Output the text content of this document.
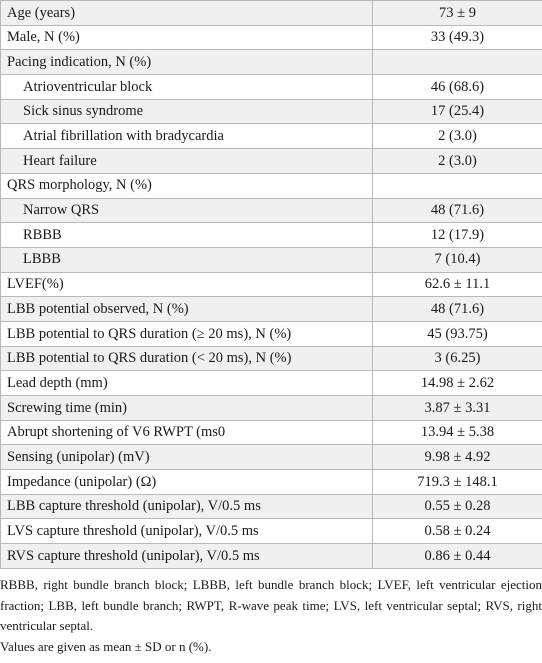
Age (years)	73 ± 9
Male, N (%)	33 (49.3)
Pacing indication, N (%)	
Atrioventricular block	46 (68.6)
Sick sinus syndrome	17 (25.4)
Atrial fibrillation with bradycardia	2 (3.0)
Heart failure	2 (3.0)
QRS morphology, N (%)	
Narrow QRS	48 (71.6)
RBBB	12 (17.9)
LBBB	7 (10.4)
LVEF(%)	62.6 ± 11.1
LBB potential observed, N (%)	48 (71.6)
LBB potential to QRS duration (≥ 20 ms), N (%)	45 (93.75)
LBB potential to QRS duration (< 20 ms), N (%)	3 (6.25)
Lead depth (mm)	14.98 ± 2.62
Screwing time (min)	3.87 ± 3.31
Abrupt shortening of V6 RWPT (ms0	13.94 ± 5.38
Sensing (unipolar) (mV)	9.98 ± 4.92
Impedance (unipolar) (Ω)	719.3 ± 148.1
LBB capture threshold (unipolar), V/0.5 ms	0.55 ± 0.28
LVS capture threshold (unipolar), V/0.5 ms	0.58 ± 0.24
RVS capture threshold (unipolar), V/0.5 ms	0.86 ± 0.44

RBBB, right bundle branch block; LBBB, left bundle branch block; LVEF, left ventricular ejection fraction; LBB, left bundle branch; RWPT, R-wave peak time; LVS, left ventricular septal; RVS, right ventricular septal.

Values are given as mean ± SD or n (%).
